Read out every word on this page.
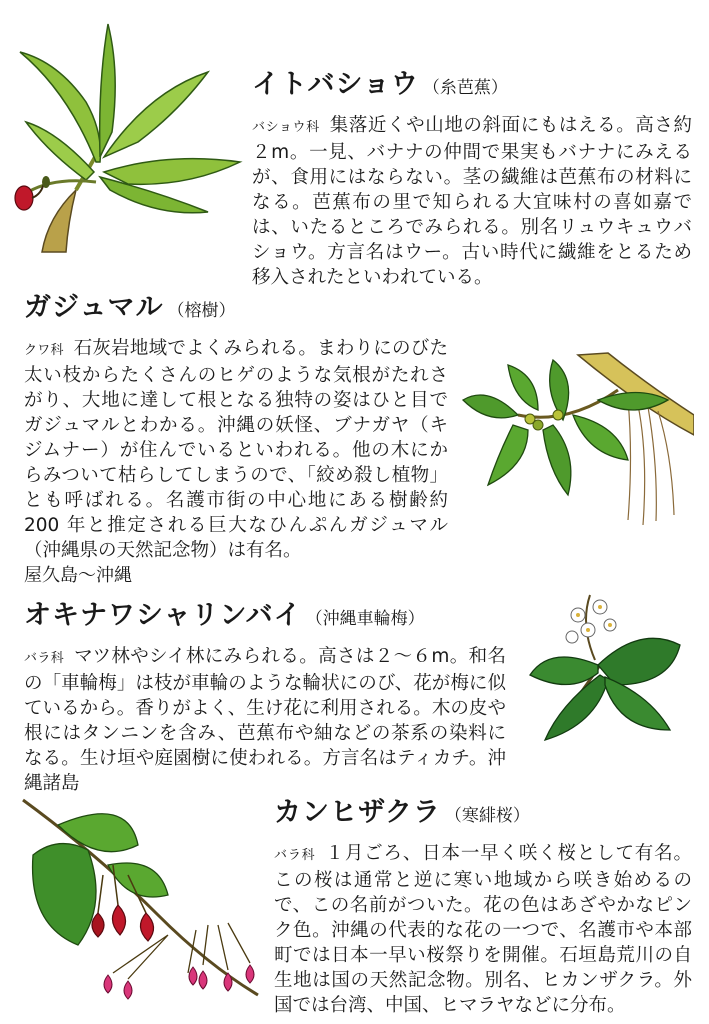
イトバショウ （糸芭蕉）
バショウ科 集落近くや山地の斜面にもはえる。高さ約２m。一見、バナナの仲間で果実もバナナにみえるが、食用にはならない。茎の繊維は芭蕉布の材料になる。芭蕉布の里で知られる大宜味村の喜如嘉では、いたるところでみられる。別名リュウキュウバショウ。方言名はウー。古い時代に繊維をとるため移入されたといわれている。
ガジュマル （榕樹）
クワ科 石灰岩地域でよくみられる。まわりにのびた太い枝からたくさんのヒゲのような気根がたれさがり、大地に達して根となる独特の姿はひと目でガジュマルとわかる。沖縄の妖怪、ブナガヤ（キジムナー）が住んでいるといわれる。他の木にからみついて枯らしてしまうので、「絞め殺し植物」とも呼ばれる。名護市街の中心地にある樹齢約 200 年と推定される巨大なひんぷんガジュマル（沖縄県の天然記念物）は有名。
屋久島〜沖縄
オキナワシャリンバイ （沖縄車輪梅）
バラ科 マツ林やシイ林にみられる。高さは２〜６m。和名の「車輪梅」は枝が車輪のような輪状にのび、花が梅に似ているから。香りがよく、生け花に利用される。木の皮や根にはタンニンを含み、芭蕉布や紬などの茶系の染料になる。生け垣や庭園樹に使われる。方言名はティカチ。沖縄諸島
カンヒザクラ （寒緋桜）
バラ科 １月ごろ、日本一早く咲く桜として有名。この桜は通常と逆に寒い地域から咲き始めるので、この名前がついた。花の色はあざやかなピンク色。沖縄の代表的な花の一つで、名護市や本部町では日本一早い桜祭りを開催。石垣島荒川の自生地は国の天然記念物。別名、ヒカンザクラ。外国では台湾、中国、ヒマラヤなどに分布。
